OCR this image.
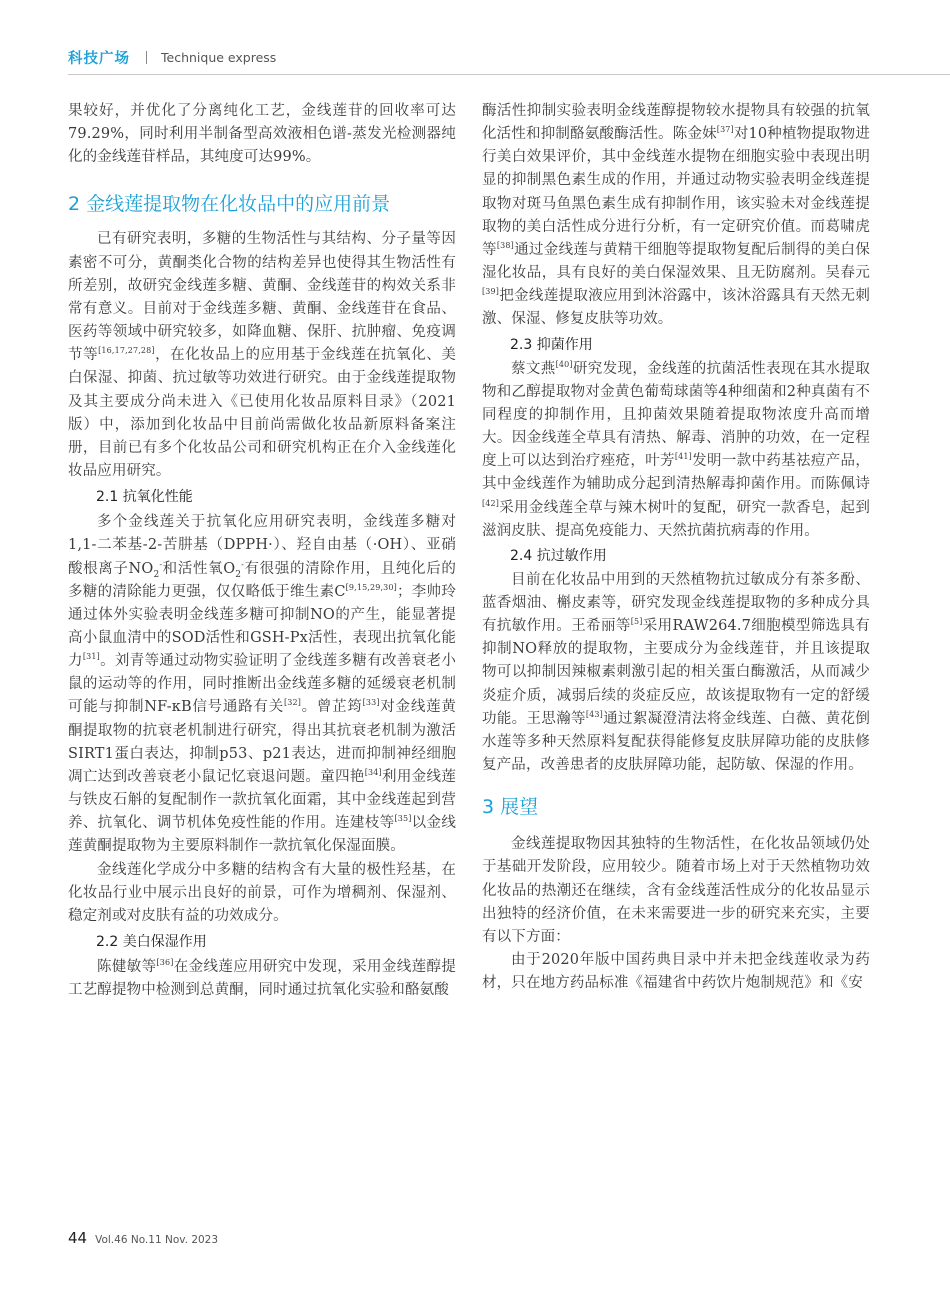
科技广场 Technique express

果较好，并优化了分离纯化工艺，金线莲苷的回收率可达79.29%，同时利用半制备型高效液相色谱-蒸发光检测器纯化的金线莲苷样品，其纯度可达99%。

2 金线莲提取物在化妆品中的应用前景

已有研究表明，多糖的生物活性与其结构、分子量等因素密不可分，黄酮类化合物的结构差异也使得其生物活性有所差别，故研究金线莲多糖、黄酮、金线莲苷的构效关系非常有意义。目前对于金线莲多糖、黄酮、金线莲苷在食品、医药等领域中研究较多，如降血糖、保肝、抗肿瘤、免疫调节等[16,17,27,28]，在化妆品上的应用基于金线莲在抗氧化、美白保湿、抑菌、抗过敏等功效进行研究。由于金线莲提取物及其主要成分尚未进入《已使用化妆品原料目录》（2021版）中，添加到化妆品中目前尚需做化妆品新原料备案注册，目前已有多个化妆品公司和研究机构正在介入金线莲化妆品应用研究。

2.1 抗氧化性能

多个金线莲关于抗氧化应用研究表明，金线莲多糖对1,1-二苯基-2-苦肼基（DPPH·）、羟自由基（·OH）、亚硝酸根离子$NO_2^-$和活性氧$O_2^-$有很强的清除作用，且纯化后的多糖的清除能力更强，仅仅略低于维生素C[9,15,29,30]；李帅玲通过体外实验表明金线莲多糖可抑制NO的产生，能显著提高小鼠血清中的SOD活性和GSH-Px活性，表现出抗氧化能力[31]。刘青等通过动物实验证明了金线莲多糖有改善衰老小鼠的运动等的作用，同时推断出金线莲多糖的延缓衰老机制可能与抑制NF-κB信号通路有关[32]。曾芷筠[33]对金线莲黄酮提取物的抗衰老机制进行研究，得出其抗衰老机制为激活SIRT1蛋白表达，抑制p53、p21表达，进而抑制神经细胞凋亡达到改善衰老小鼠记忆衰退问题。童四艳[34]利用金线莲与铁皮石斛的复配制作一款抗氧化面霜，其中金线莲起到营养、抗氧化、调节机体免疫性能的作用。连建枝等[35]以金线莲黄酮提取物为主要原料制作一款抗氧化保湿面膜。

金线莲化学成分中多糖的结构含有大量的极性羟基，在化妆品行业中展示出良好的前景，可作为增稠剂、保湿剂、稳定剂或对皮肤有益的功效成分。

2.2 美白保湿作用

陈健敏等[36]在金线莲应用研究中发现，采用金线莲醇提工艺醇提物中检测到总黄酮，同时通过抗氧化实验和酪氨酸

酶活性抑制实验表明金线莲醇提物较水提物具有较强的抗氧化活性和抑制酪氨酸酶活性。陈金妹[37]对10种植物提取物进行美白效果评价，其中金线莲水提物在细胞实验中表现出明显的抑制黑色素生成的作用，并通过动物实验表明金线莲提取物对斑马鱼黑色素生成有抑制作用，该实验未对金线莲提取物的美白活性成分进行分析，有一定研究价值。而葛啸虎等[38]通过金线莲与黄精干细胞等提取物复配后制得的美白保湿化妆品，具有良好的美白保湿效果、且无防腐剂。吴春元[39]把金线莲提取液应用到沐浴露中，该沐浴露具有天然无刺激、保湿、修复皮肤等功效。

2.3 抑菌作用

蔡文燕[40]研究发现，金线莲的抗菌活性表现在其水提取物和乙醇提取物对金黄色葡萄球菌等4种细菌和2种真菌有不同程度的抑制作用，且抑菌效果随着提取物浓度升高而增大。因金线莲全草具有清热、解毒、消肿的功效，在一定程度上可以达到治疗痤疮，叶芳[41]发明一款中药基祛痘产品，其中金线莲作为辅助成分起到清热解毒抑菌作用。而陈佩诗[42]采用金线莲全草与辣木树叶的复配，研究一款香皂，起到滋润皮肤、提高免疫能力、天然抗菌抗病毒的作用。

2.4 抗过敏作用

目前在化妆品中用到的天然植物抗过敏成分有茶多酚、蓝香烟油、槲皮素等，研究发现金线莲提取物的多种成分具有抗敏作用。王希丽等[5]采用RAW264.7细胞模型筛选具有抑制NO释放的提取物，主要成分为金线莲苷，并且该提取物可以抑制因辣椒素刺激引起的相关蛋白酶激活，从而减少炎症介质，减弱后续的炎症反应，故该提取物有一定的舒缓功能。王思瀚等[43]通过絮凝澄清法将金线莲、白薇、黄花倒水莲等多种天然原料复配获得能修复皮肤屏障功能的皮肤修复产品，改善患者的皮肤屏障功能，起防敏、保湿的作用。

3 展望

金线莲提取物因其独特的生物活性，在化妆品领域仍处于基础开发阶段，应用较少。随着市场上对于天然植物功效化妆品的热潮还在继续，含有金线莲活性成分的化妆品显示出独特的经济价值，在未来需要进一步的研究来充实，主要有以下方面：

由于2020年版中国药典目录中并未把金线莲收录为药材，只在地方药品标准《福建省中药饮片炮制规范》和《安

44 Vol.46 No.11 Nov. 2023
